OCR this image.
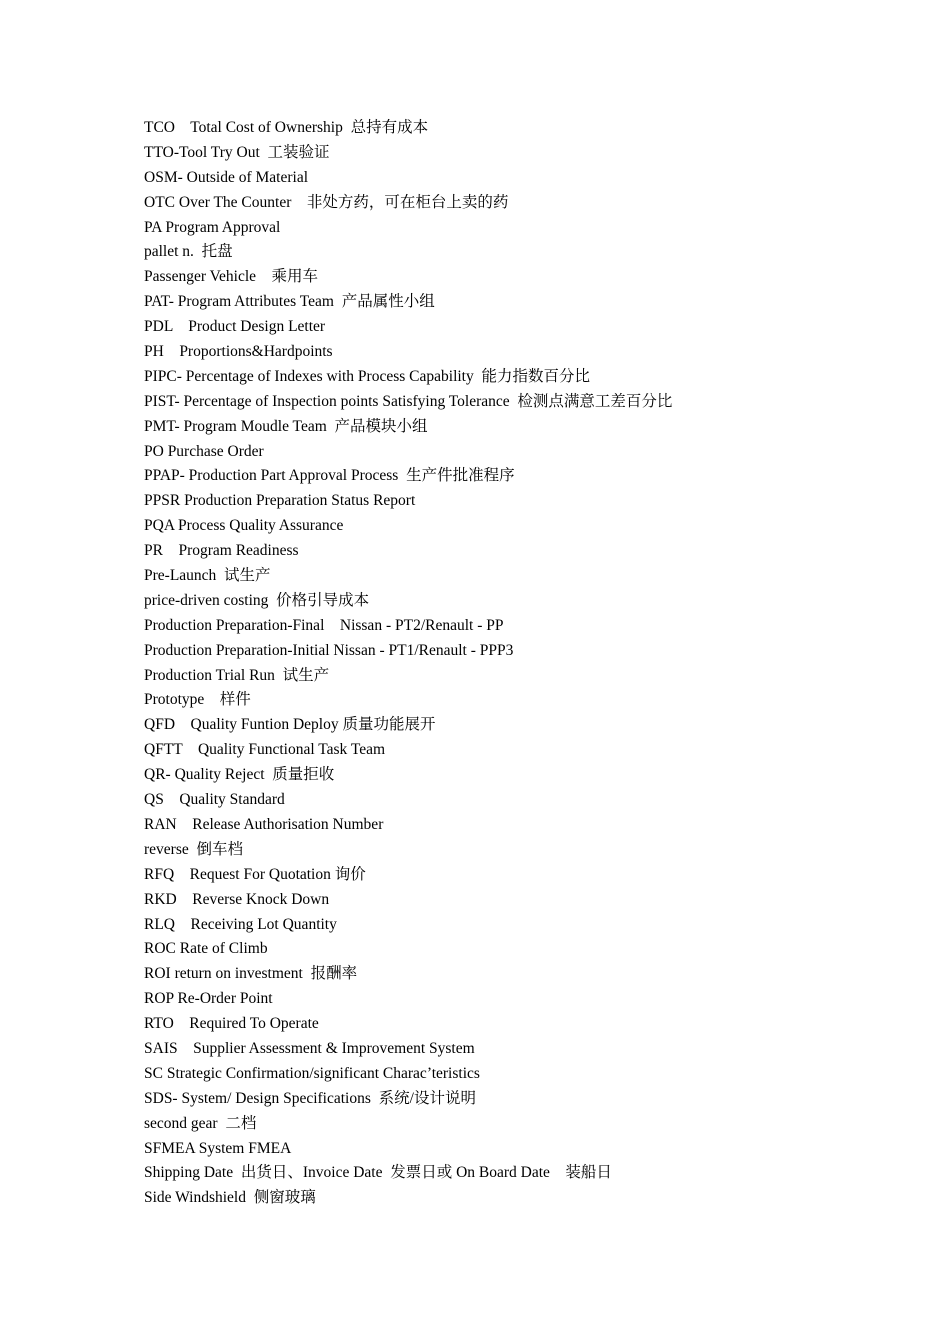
TCO    Total Cost of Ownership  总持有成本
TTO-Tool Try Out  工装验证
OSM- Outside of Material
OTC Over The Counter    非处方药，可在柜台上卖的药
PA Program Approval
pallet n.  托盘
Passenger Vehicle    乘用车
PAT- Program Attributes Team  产品属性小组
PDL    Product Design Letter
PH    Proportions&Hardpoints
PIPC- Percentage of Indexes with Process Capability  能力指数百分比
PIST- Percentage of Inspection points Satisfying Tolerance  检测点满意工差百分比
PMT- Program Moudle Team  产品模块小组
PO Purchase Order
PPAP- Production Part Approval Process  生产件批准程序
PPSR Production Preparation Status Report
PQA Process Quality Assurance
PR    Program Readiness
Pre-Launch  试生产
price-driven costing  价格引导成本
Production Preparation-Final    Nissan - PT2/Renault - PP
Production Preparation-Initial Nissan - PT1/Renault - PPP3
Production Trial Run  试生产
Prototype    样件
QFD    Quality Funtion Deploy 质量功能展开
QFTT    Quality Functional Task Team
QR- Quality Reject  质量拒收
QS    Quality Standard
RAN    Release Authorisation Number
reverse  倒车档
RFQ    Request For Quotation 询价
RKD    Reverse Knock Down
RLQ    Receiving Lot Quantity
ROC Rate of Climb
ROI return on investment  报酬率
ROP Re-Order Point
RTO    Required To Operate
SAIS    Supplier Assessment & Improvement System
SC Strategic Confirmation/significant Charac’teristics
SDS- System/ Design Specifications  系统/设计说明
second gear  二档
SFMEA System FMEA
Shipping Date  出货日、Invoice Date  发票日或 On Board Date    装船日
Side Windshield  侧窗玻璃
